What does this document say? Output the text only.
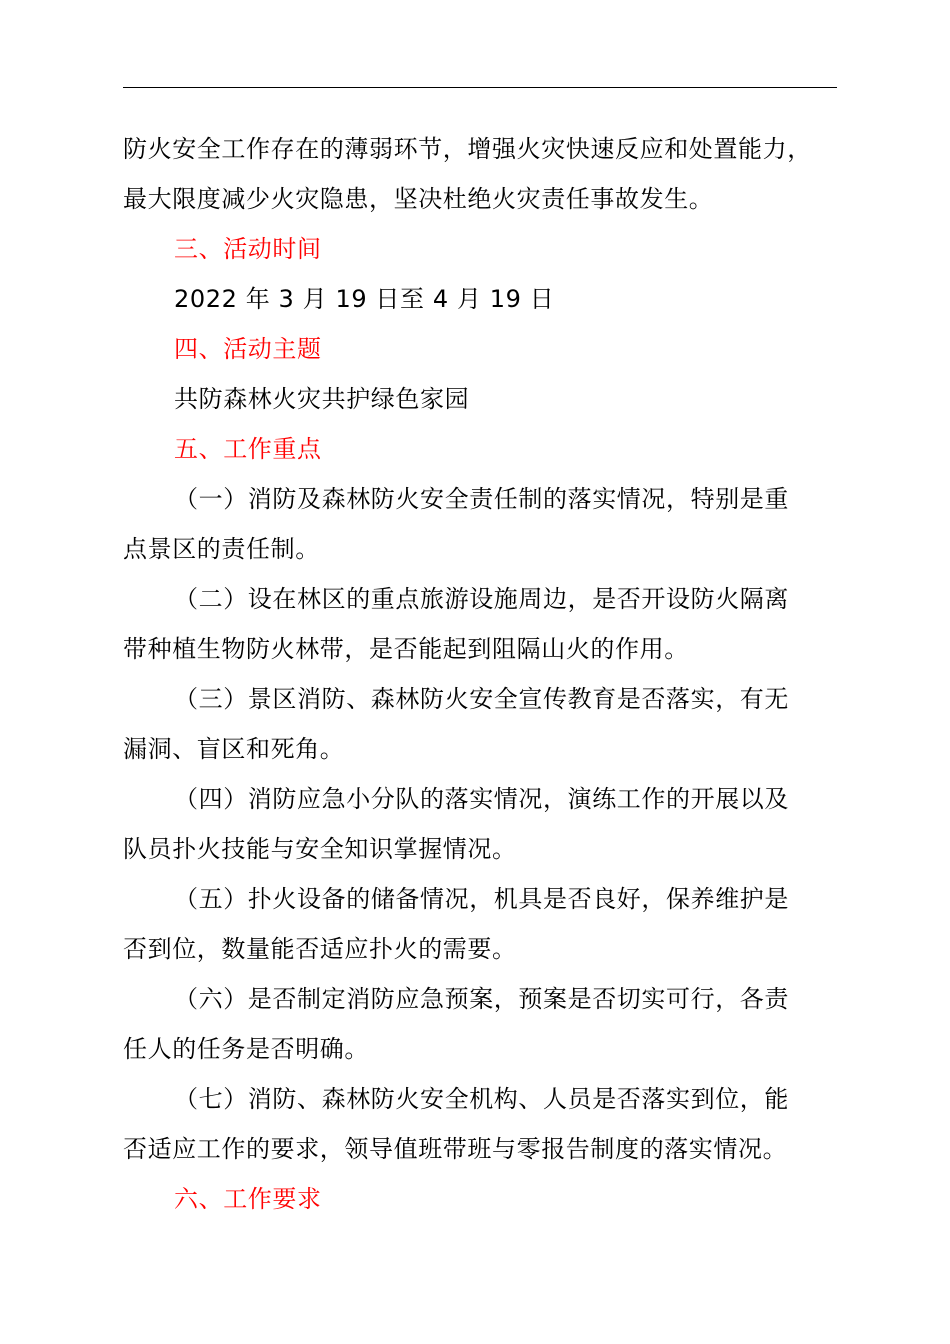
防火安全工作存在的薄弱环节，增强火灾快速反应和处置能力，
最大限度减少火灾隐患，坚决杜绝火灾责任事故发生。
三、活动时间
2022 年 3 月 19 日至 4 月 19 日
四、活动主题
共防森林火灾共护绿色家园
五、工作重点
（一）消防及森林防火安全责任制的落实情况，特别是重
点景区的责任制。
（二）设在林区的重点旅游设施周边，是否开设防火隔离
带种植生物防火林带，是否能起到阻隔山火的作用。
（三）景区消防、森林防火安全宣传教育是否落实，有无
漏洞、盲区和死角。
（四）消防应急小分队的落实情况，演练工作的开展以及
队员扑火技能与安全知识掌握情况。
（五）扑火设备的储备情况，机具是否良好，保养维护是
否到位，数量能否适应扑火的需要。
（六）是否制定消防应急预案，预案是否切实可行，各责
任人的任务是否明确。
（七）消防、森林防火安全机构、人员是否落实到位，能
否适应工作的要求，领导值班带班与零报告制度的落实情况。
六、工作要求
